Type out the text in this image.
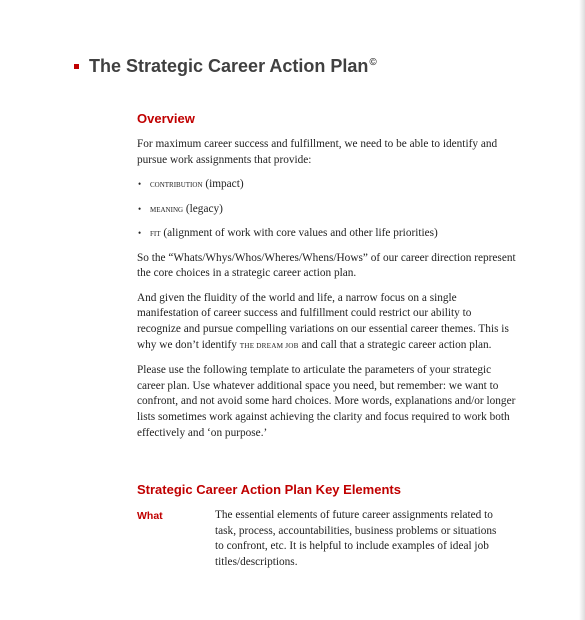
The Strategic Career Action Plan©
Overview

For maximum career success and fulfillment, we need to be able to identify and pursue work assignments that provide:

• contribution (impact)
• meaning (legacy)
• fit (alignment of work with core values and other life priorities)

So the “Whats/Whys/Whos/Wheres/Whens/Hows” of our career direction represent the core choices in a strategic career action plan.

And given the fluidity of the world and life, a narrow focus on a single manifestation of career success and fulfillment could restrict our ability to recognize and pursue compelling variations on our essential career themes. This is why we don’t identify THE DREAM JOB and call that a strategic career action plan.

Please use the following template to articulate the parameters of your strategic career plan. Use whatever additional space you need, but remember: we want to confront, and not avoid some hard choices. More words, explanations and/or longer lists sometimes work against achieving the clarity and focus required to work both effectively and ‘on purpose.’

Strategic Career Action Plan Key Elements
What	The essential elements of future career assignments related to task, process, accountabilities, business problems or situations to confront, etc. It is helpful to include examples of ideal job titles/descriptions.
